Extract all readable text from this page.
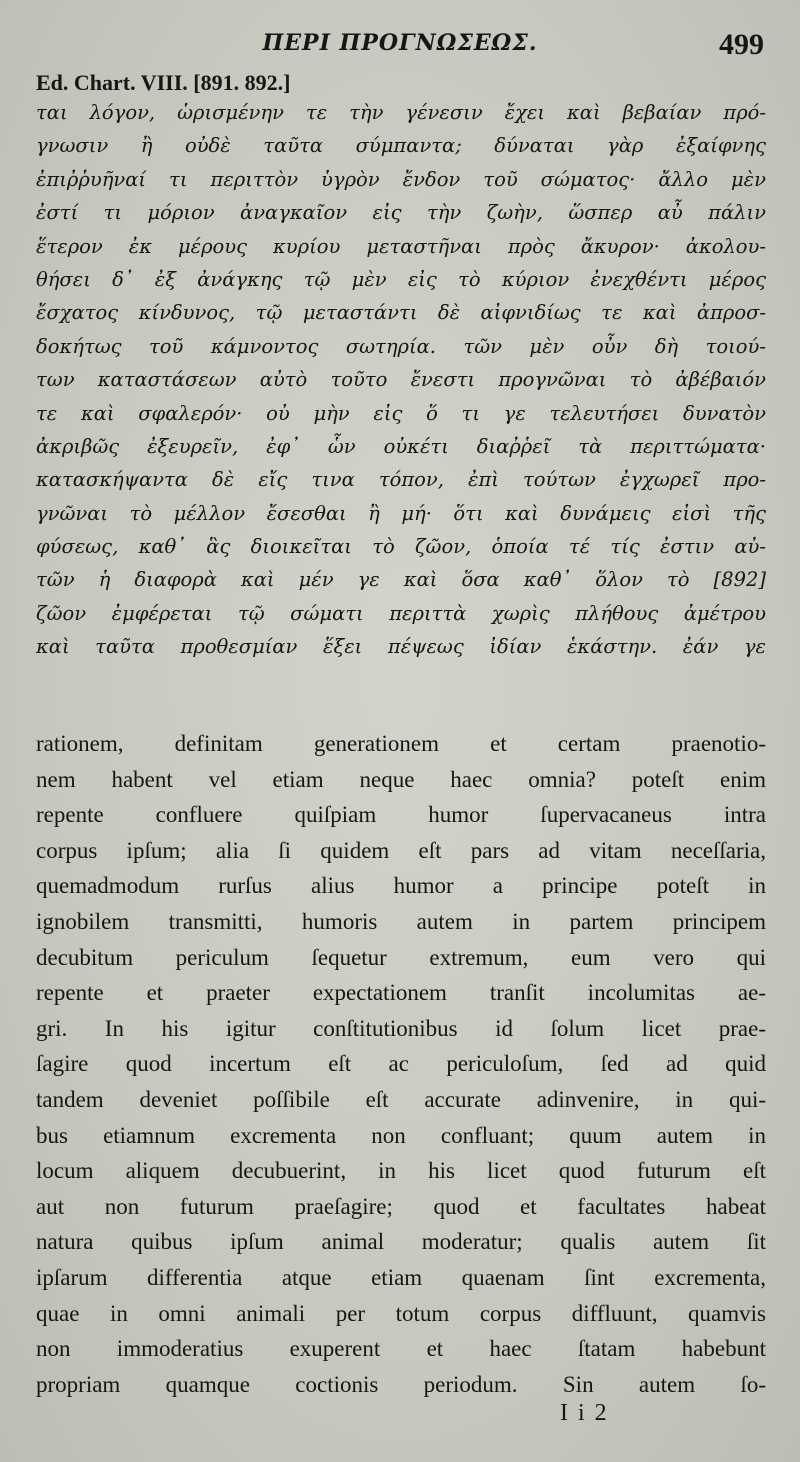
ΠΕΡΙ ΠΡΟΓΝΩΣΕΩΣ.	499
Ed. Chart. VIII. [891. 892.]
ται λόγον, ὡρισμένην τε τὴν γένεσιν ἔχει καὶ βεβαίαν πρό-
γνωσιν ἢ οὐδὲ ταῦτα σύμπαντα; δύναται γὰρ ἐξαίφνης
ἐπιῤῥυῆναί τι περιττὸν ὑγρὸν ἔνδον τοῦ σώματος· ἄλλο μὲν
ἐστί τι μόριον ἀναγκαῖον εἰς τὴν ζωὴν, ὥσπερ αὖ πάλιν
ἕτερον ἐκ μέρους κυρίου μεταστῆναι πρὸς ἄκυρον· ἀκολου-
θήσει δ᾽ ἐξ ἀνάγκης τῷ μὲν εἰς τὸ κύριον ἐνεχθέντι μέρος
ἔσχατος κίνδυνος, τῷ μεταστάντι δὲ αἰφνιδίως τε καὶ ἀπροσ-
δοκήτως τοῦ κάμνοντος σωτηρία. τῶν μὲν οὖν δὴ τοιού-
των καταστάσεων αὐτὸ τοῦτο ἔνεστι προγνῶναι τὸ ἀβέβαιόν
τε καὶ σφαλερόν· οὐ μὴν εἰς ὅ τι γε τελευτήσει δυνατὸν
ἀκριβῶς ἐξευρεῖν, ἐφ᾽ ὧν οὐκέτι διαῤῥεῖ τὰ περιττώματα·
κατασκήψαντα δὲ εἴς τινα τόπον, ἐπὶ τούτων ἐγχωρεῖ προ-
γνῶναι τὸ μέλλον ἔσεσθαι ἢ μή· ὅτι καὶ δυνάμεις εἰσὶ τῆς
φύσεως, καθ᾽ ἃς διοικεῖται τὸ ζῶον, ὁποία τέ τίς ἐστιν αὐ-
τῶν ἡ διαφορὰ καὶ μέν γε καὶ ὅσα καθ᾽ ὅλον τὸ [892]
ζῶον ἐμφέρεται τῷ σώματι περιττὰ χωρὶς πλήθους ἀμέτρου
καὶ ταῦτα προθεσμίαν ἕξει πέψεως ἰδίαν ἑκάστην. ἐάν γε
rationem, definitam generationem et certam praenotio-
nem habent vel etiam neque haec omnia? poteſt enim
repente confluere quiſpiam humor ſupervacaneus intra
corpus ipſum; alia ſi quidem eſt pars ad vitam neceſſaria,
quemadmodum rurſus alius humor a principe poteſt in
ignobilem transmitti, humoris autem in partem principem
decubitum periculum ſequetur extremum, eum vero qui
repente et praeter expectationem tranſit incolumitas ae-
gri. In his igitur conſtitutionibus id ſolum licet prae-
ſagire quod incertum eſt ac periculoſum, ſed ad quid
tandem deveniet poſſibile eſt accurate adinvenire, in qui-
bus etiamnum excrementa non confluant; quum autem in
locum aliquem decubuerint, in his licet quod futurum eſt
aut non futurum praeſagire; quod et facultates habeat
natura quibus ipſum animal moderatur; qualis autem ſit
ipſarum differentia atque etiam quaenam ſint excrementa,
quae in omni animali per totum corpus diffluunt, quamvis
non immoderatius exuperent et haec ſtatam habebunt
propriam quamque coctionis periodum. Sin autem ſo-
I i 2
